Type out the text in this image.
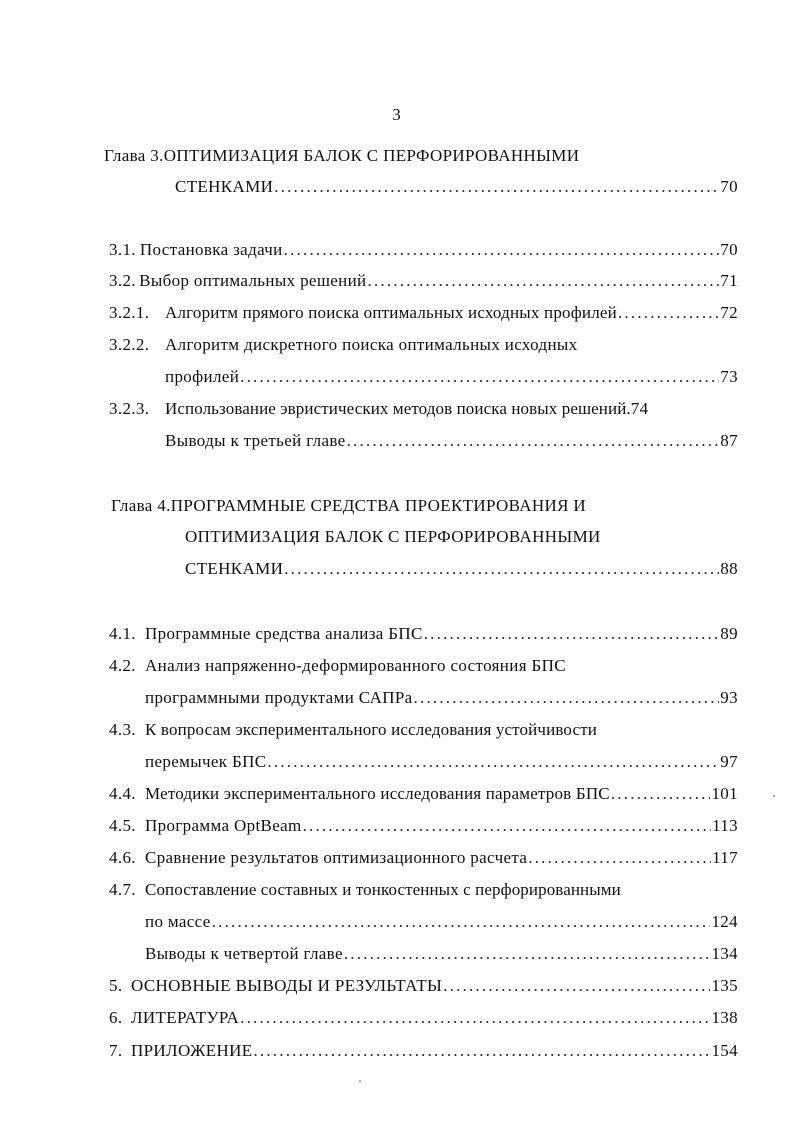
3
Глава 3. ОПТИМИЗАЦИЯ БАЛОК С ПЕРФОРИРОВАННЫМИ
СТЕНКАМИ .....	70
3.1. Постановка задачи .....	70
3.2. Выбор оптимальных решений .....	71
3.2.1. Алгоритм прямого поиска оптимальных исходных профилей .....	72
3.2.2. Алгоритм дискретного поиска оптимальных исходных
профилей .....	73
3.2.3. Использование эвристических методов поиска новых решений. 74
Выводы к третьей главе .....	87
Глава 4. ПРОГРАММНЫЕ СРЕДСТВА ПРОЕКТИРОВАНИЯ И
ОПТИМИЗАЦИЯ БАЛОК С ПЕРФОРИРОВАННЫМИ
СТЕНКАМИ .....	88
4.1. Программные средства анализа БПС .....	89
4.2. Анализ напряженно-деформированного состояния БПС
программными продуктами САПРа .....	93
4.3. К вопросам экспериментального исследования устойчивости
перемычек БПС .....	97
4.4. Методики экспериментального исследования параметров БПС .....	101
4.5. Программа OptBeam .....	113
4.6. Сравнение результатов оптимизационного расчета .....	117
4.7. Сопоставление составных и тонкостенных с перфорированными
по массе .....	124
Выводы к четвертой главе .....	134
5. ОСНОВНЫЕ ВЫВОДЫ И РЕЗУЛЬТАТЫ .....	135
6. ЛИТЕРАТУРА .....	138
7. ПРИЛОЖЕНИЕ .....	154
